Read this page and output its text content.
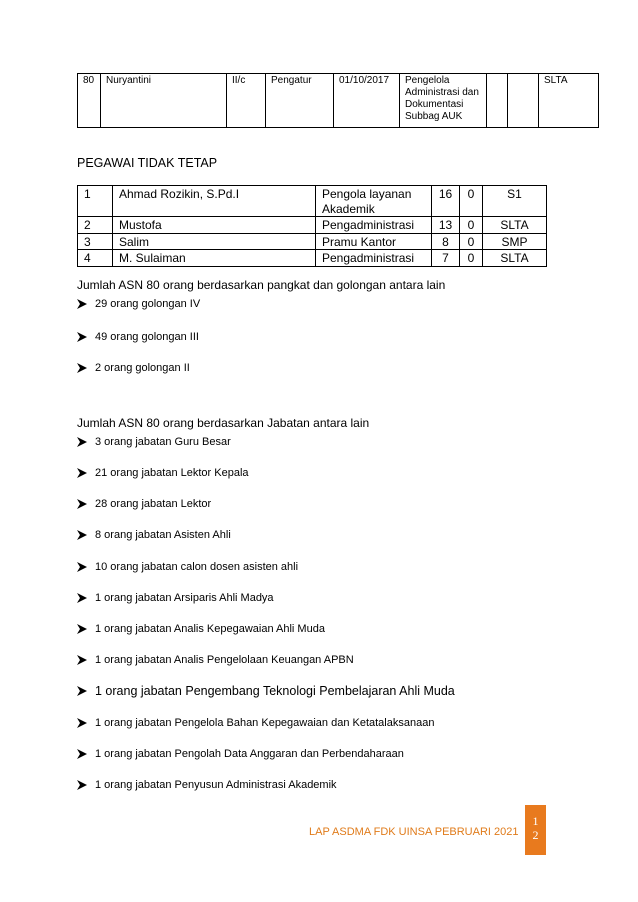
80	Nuryantini	II/c	Pengatur	01/10/2017	Pengelola Administrasi dan Dokumentasi Subbag AUK			SLTA
PEGAWAI TIDAK TETAP
1	Ahmad Rozikin, S.Pd.I	Pengola layanan Akademik	16	0	S1
2	Mustofa	Pengadministrasi	13	0	SLTA
3	Salim	Pramu Kantor	8	0	SMP
4	M. Sulaiman	Pengadministrasi	7	0	SLTA
Jumlah ASN 80 orang berdasarkan pangkat dan golongan antara lain
29 orang golongan IV
49 orang golongan III
2 orang golongan II
Jumlah ASN 80 orang berdasarkan Jabatan antara lain
3 orang jabatan Guru Besar
21 orang jabatan Lektor Kepala
28 orang jabatan Lektor
8 orang jabatan Asisten Ahli
10 orang jabatan calon dosen asisten ahli
1 orang jabatan Arsiparis Ahli Madya
1 orang jabatan Analis Kepegawaian Ahli Muda
1 orang jabatan Analis Pengelolaan Keuangan APBN
1 orang jabatan Pengembang Teknologi Pembelajaran Ahli Muda
1 orang jabatan Pengelola Bahan Kepegawaian dan Ketatalaksanaan
1 orang jabatan Pengolah Data Anggaran dan Perbendaharaan
1 orang jabatan Penyusun Administrasi Akademik
LAP ASDMA FDK UINSA PEBRUARI 2021
1
2
